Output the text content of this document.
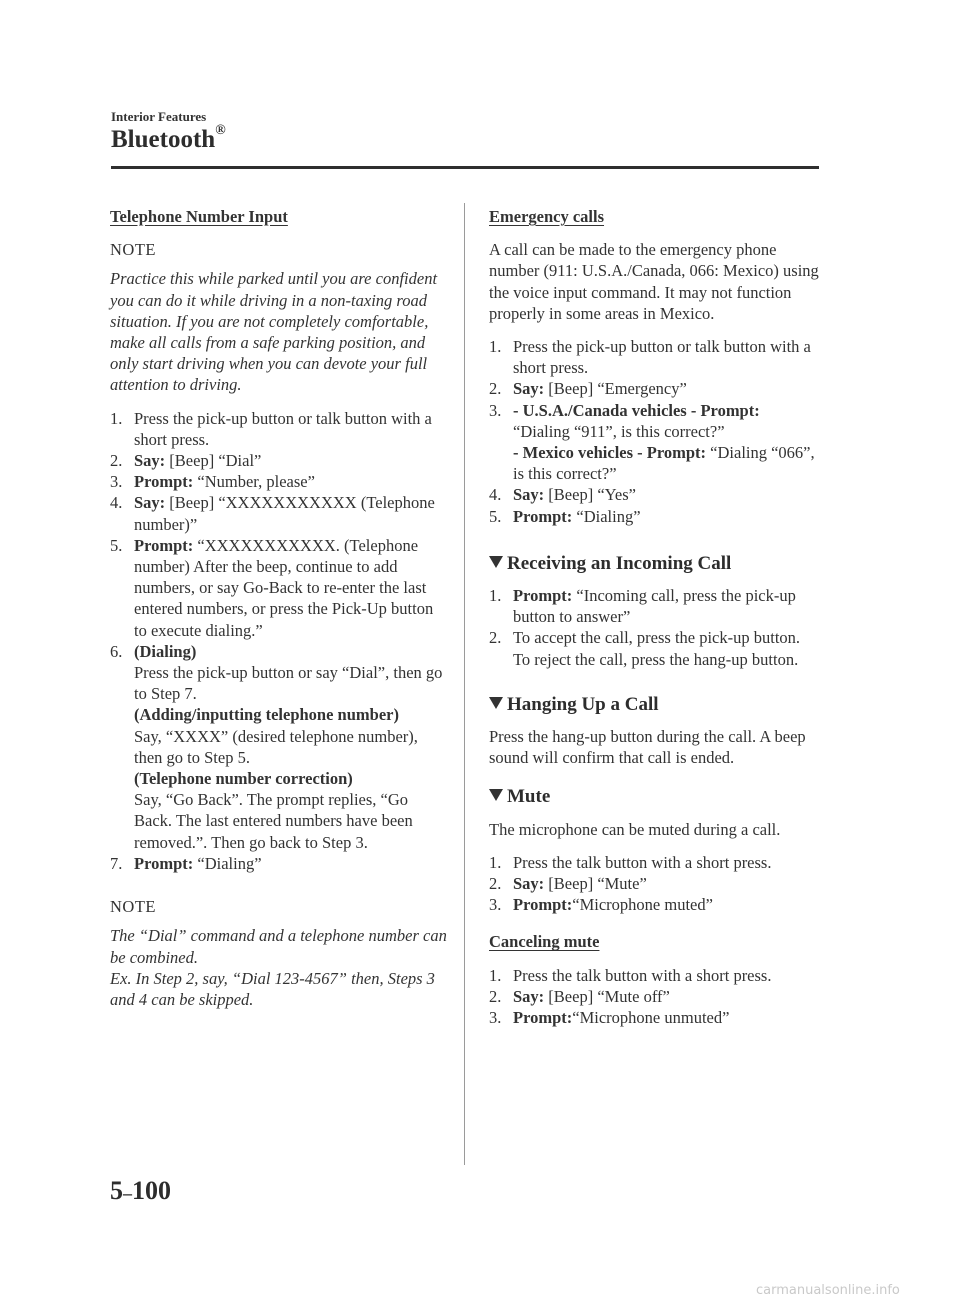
Interior Features
Bluetooth®
Telephone Number Input
NOTE
Practice this while parked until you are confident you can do it while driving in a non-taxing road situation. If you are not completely comfortable, make all calls from a safe parking position, and only start driving when you can devote your full attention to driving.
1. Press the pick-up button or talk button with a short press.
2. Say: [Beep] “Dial”
3. Prompt: “Number, please”
4. Say: [Beep] “XXXXXXXXXXX (Telephone number)”
5. Prompt: “XXXXXXXXXXX. (Telephone number) After the beep, continue to add numbers, or say Go-Back to re-enter the last entered numbers, or press the Pick-Up button to execute dialing.”
6. (Dialing)
Press the pick-up button or say “Dial”, then go to Step 7.
(Adding/inputting telephone number)
Say, “XXXX” (desired telephone number), then go to Step 5.
(Telephone number correction)
Say, “Go Back”. The prompt replies, “Go Back. The last entered numbers have been removed.”. Then go back to Step 3.
7. Prompt: “Dialing”
NOTE
The “Dial” command and a telephone number can be combined.
Ex. In Step 2, say, “Dial 123-4567” then, Steps 3 and 4 can be skipped.
Emergency calls
A call can be made to the emergency phone number (911: U.S.A./Canada, 066: Mexico) using the voice input command. It may not function properly in some areas in Mexico.
1. Press the pick-up button or talk button with a short press.
2. Say: [Beep] “Emergency”
3. - U.S.A./Canada vehicles - Prompt:
“Dialing “911”, is this correct?”
- Mexico vehicles - Prompt: “Dialing “066”, is this correct?”
4. Say: [Beep] “Yes”
5. Prompt: “Dialing”
Receiving an Incoming Call
1. Prompt: “Incoming call, press the pick-up button to answer”
2. To accept the call, press the pick-up button.
To reject the call, press the hang-up button.
Hanging Up a Call
Press the hang-up button during the call. A beep sound will confirm that call is ended.
Mute
The microphone can be muted during a call.
1. Press the talk button with a short press.
2. Say: [Beep] “Mute”
3. Prompt:“Microphone muted”
Canceling mute
1. Press the talk button with a short press.
2. Say: [Beep] “Mute off”
3. Prompt:“Microphone unmuted”
5–100
carmanualsonline.info
